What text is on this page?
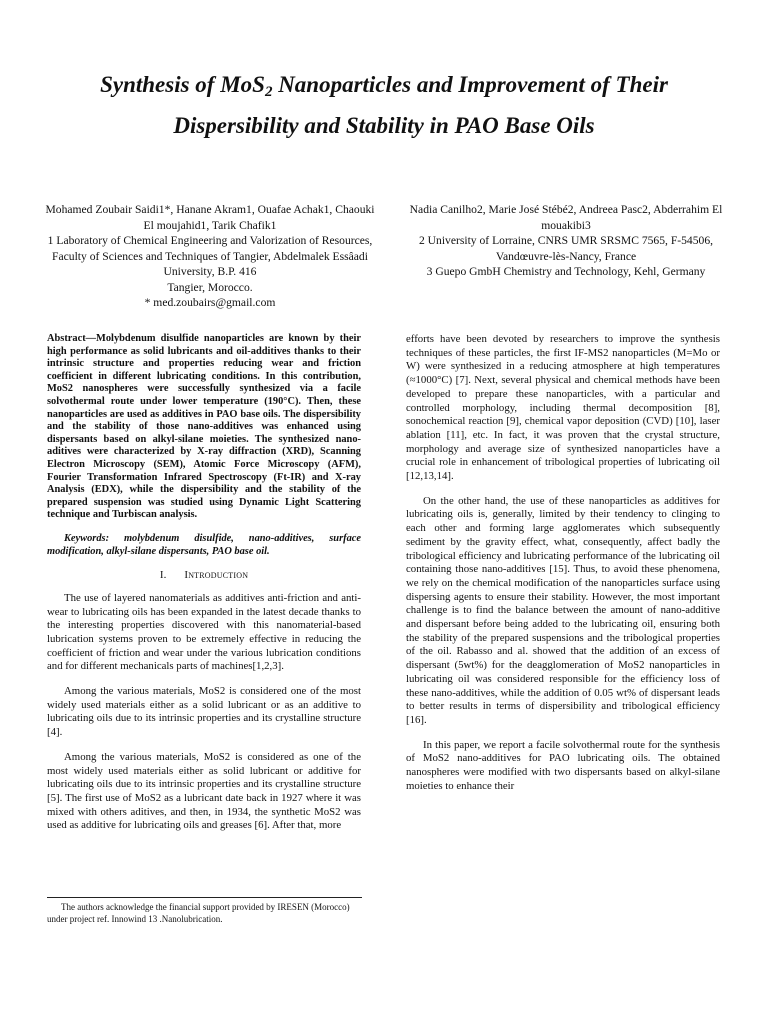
Synthesis of MoS$_2$ Nanoparticles and Improvement of Their Dispersibility and Stability in PAO Base Oils

Mohamed Zoubair Saidi1*, Hanane Akram1, Ouafae Achak1, Chaouki El moujahid1, Tarik Chafik1

1 Laboratory of Chemical Engineering and Valorization of Resources, Faculty of Sciences and Techniques of Tangier, Abdelmalek Essâadi University, B.P. 416

Tangier, Morocco.

* med.zoubairs@gmail.com

Nadia Canilho2, Marie José Stébé2, Andreea Pasc2, Abderrahim El mouakibi3

2 University of Lorraine, CNRS UMR SRSMC 7565, F-54506, Vandœuvre-lès-Nancy, France

3 Guepo GmbH Chemistry and Technology, Kehl, Germany

Abstract—Molybdenum disulfide nanoparticles are known by their high performance as solid lubricants and oil-additives thanks to their intrinsic structure and properties reducing wear and friction coefficient in different lubricating conditions. In this contribution, MoS2 nanospheres were successfully synthesized via a facile solvothermal route under lower temperature (190°C). Then, these nanoparticles are used as additives in PAO base oils. The dispersibility and the stability of those nano-additives was enhanced using dispersants based on alkyl-silane moieties. The synthesized nano-aditives were characterized by X-ray diffraction (XRD), Scanning Electron Microscopy (SEM), Atomic Force Microscopy (AFM), Fourier Transformation Infrared Spectroscopy (Ft-IR) and X-ray Analysis (EDX), while the dispersibility and the stability of the prepared suspension was studied using Dynamic Light Scattering technique and Turbiscan analysis.

Keywords: molybdenum disulfide, nano-additives, surface modification, alkyl-silane dispersants, PAO base oil.

I. Introduction

The use of layered nanomaterials as additives anti-friction and anti-wear to lubricating oils has been expanded in the latest decade thanks to the interesting properties discovered with this nanomaterial-based lubrication systems proven to be extremely effective in reducing the coefficient of friction and wear under the various lubrication conditions and for different mechanicals parts of machines[1,2,3].

Among the various materials, MoS2 is considered one of the most widely used materials either as a solid lubricant or as an additive to lubricating oils due to its intrinsic properties and its crystalline structure [4].

Among the various materials, MoS2 is considered as one of the most widely used materials either as solid lubricant or additive for lubricating oils due to its intrinsic properties and its crystalline structure [5]. The first use of MoS2 as a lubricant date back in 1927 where it was mixed with others aditives, and then, in 1934, the synthetic MoS2 was used as additive for lubricating oils and greases [6]. After that, more

efforts have been devoted by researchers to improve the synthesis techniques of these particles, the first IF-MS2 nanoparticles (M=Mo or W) were synthesized in a reducing atmosphere at high temperatures (≈1000°C) [7]. Next, several physical and chemical methods have been developed to prepare these nanoparticles, with a particular and controlled morphology, including thermal decomposition [8], sonochemical reaction [9], chemical vapor deposition (CVD) [10], laser ablation [11], etc. In fact, it was proven that the crystal structure, morphology and average size of synthesized nanoparticles have a crucial role in enhancement of tribological properties of lubricating oil [12,13,14].

On the other hand, the use of these nanoparticles as additives for lubricating oils is, generally, limited by their tendency to clinging to each other and forming large agglomerates which subsequently sediment by the gravity effect, what, consequently, affect badly the tribological efficiency and lubricating performance of the lubricating oil containing those nano-additives [15]. Thus, to avoid these phenomena, we rely on the chemical modification of the nanoparticles surface using dispersing agents to ensure their stability. However, the most important challenge is to find the balance between the amount of nano-additive and dispersant before being added to the lubricating oil, ensuring both the stability of the prepared suspensions and the tribological properties of the oil. Rabasso and al. showed that the addition of an excess of dispersant (5wt%) for the deagglomeration of MoS2 nanoparticles in lubricating oil was considered responsible for the efficiency loss of these nano-additives, while the addition of 0.05 wt% of dispersant leads to better results in terms of dispersibility and tribological efficiency [16].

In this paper, we report a facile solvothermal route for the synthesis of MoS2 nano-additives for PAO lubricating oils. The obtained nanospheres were modified with two dispersants based on alkyl-silane moieties to enhance their

The authors acknowledge the financial support provided by IRESEN (Morocco) under project ref. Innowind 13 .Nanolubrication.
